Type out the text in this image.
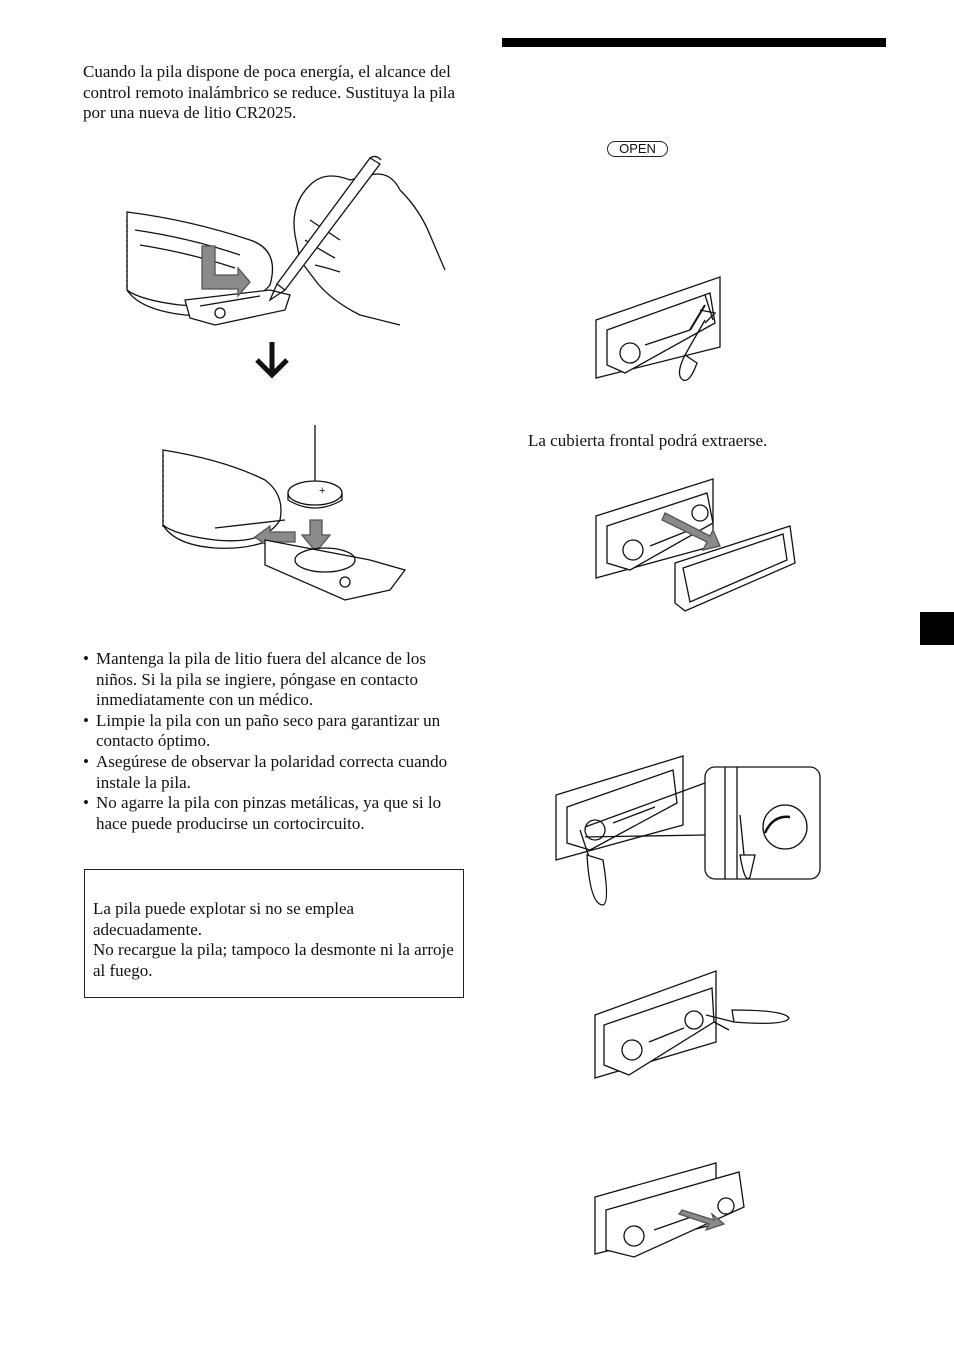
Cuando la pila dispone de poca energía, el alcance del control remoto inalámbrico se reduce. Sustituya la pila por una nueva de litio CR2025.
+
• Mantenga la pila de litio fuera del alcance de los niños. Si la pila se ingiere, póngase en contacto inmediatamente con un médico.
• Limpie la pila con un paño seco para garantizar un contacto óptimo.
• Asegúrese de observar la polaridad correcta cuando instale la pila.
• No agarre la pila con pinzas metálicas, ya que si lo hace puede producirse un cortocircuito.
La pila puede explotar si no se emplea adecuadamente.
No recargue la pila; tampoco la desmonte ni la arroje al fuego.
OPEN
La cubierta frontal podrá extraerse.
